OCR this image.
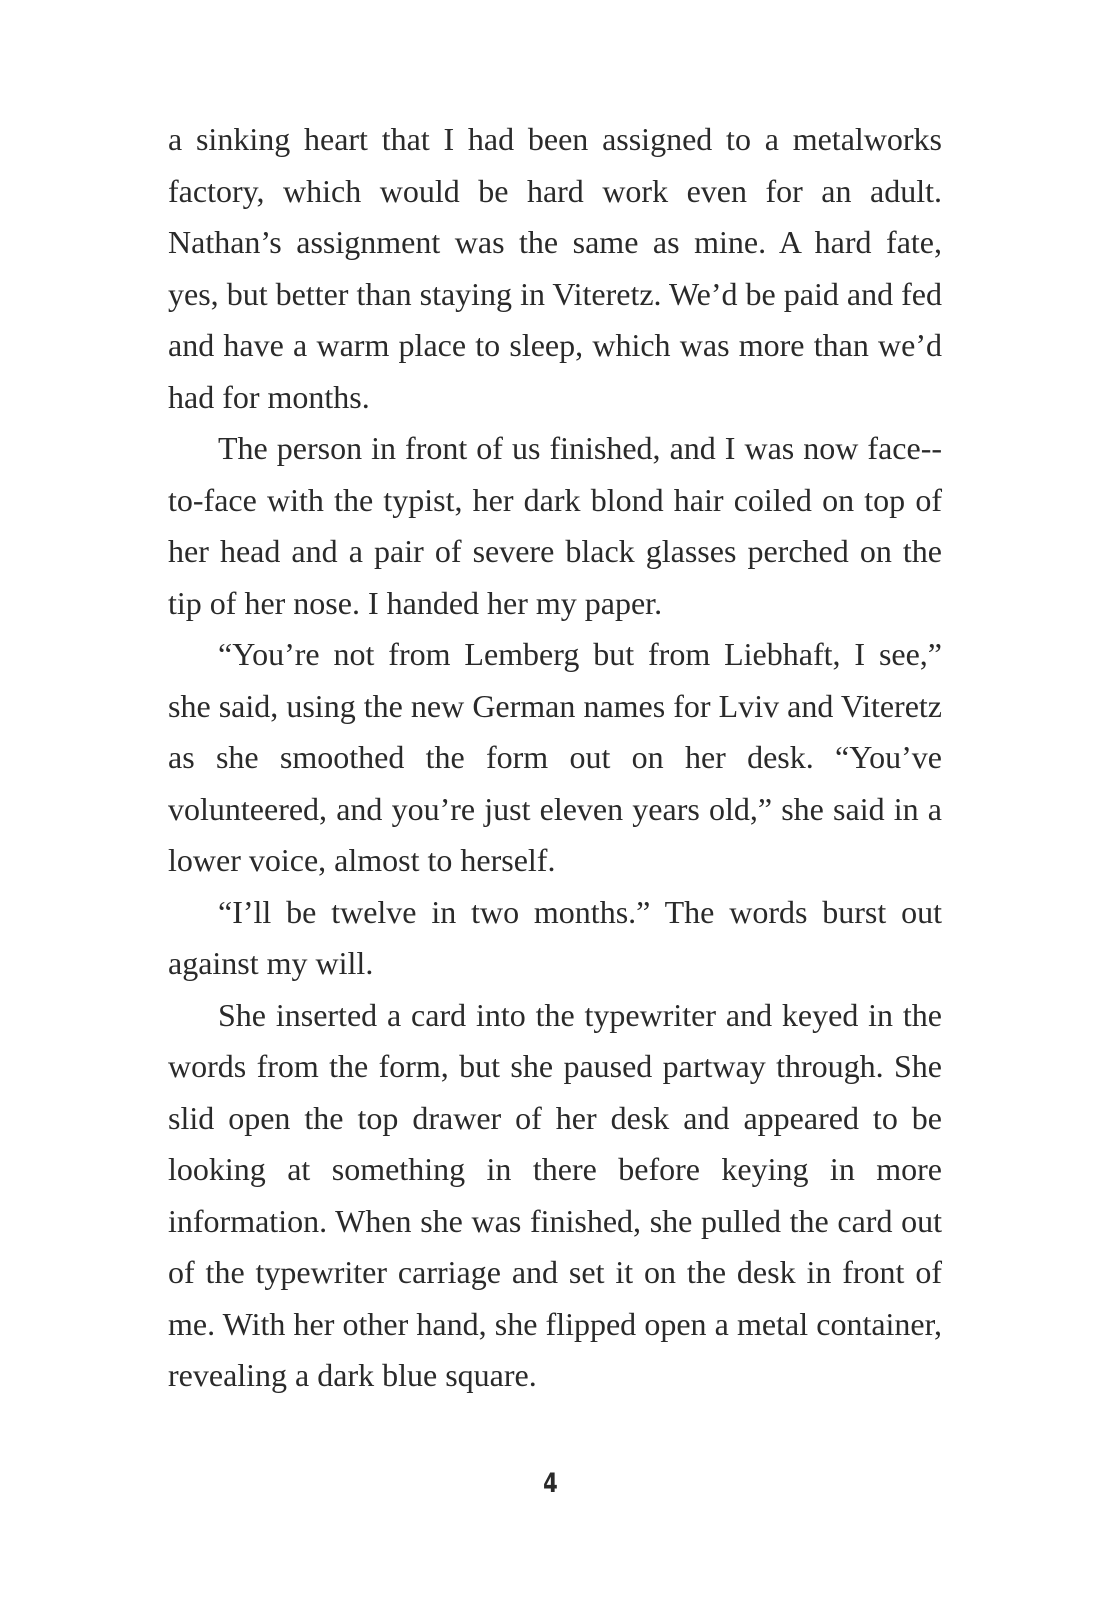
a sinking heart that I had been assigned to a metalworks factory, which would be hard work even for an adult. Nathan’s assignment was the same as mine. A hard fate, yes, but better than staying in Viteretz. We’d be paid and fed and have a warm place to sleep, which was more than we’d had for months.

The person in front of us finished, and I was now face-to-face with the typist, her dark blond hair coiled on top of her head and a pair of severe black glasses perched on the tip of her nose. I handed her my paper.

“You’re not from Lemberg but from Liebhaft, I see,” she said, using the new German names for Lviv and Viteretz as she smoothed the form out on her desk. “You’ve volunteered, and you’re just eleven years old,” she said in a lower voice, almost to herself.

“I’ll be twelve in two months.” The words burst out against my will.

She inserted a card into the typewriter and keyed in the words from the form, but she paused partway through. She slid open the top drawer of her desk and appeared to be looking at something in there before keying in more information. When she was finished, she pulled the card out of the typewriter carriage and set it on the desk in front of me. With her other hand, she flipped open a metal container, revealing a dark blue square.

4
